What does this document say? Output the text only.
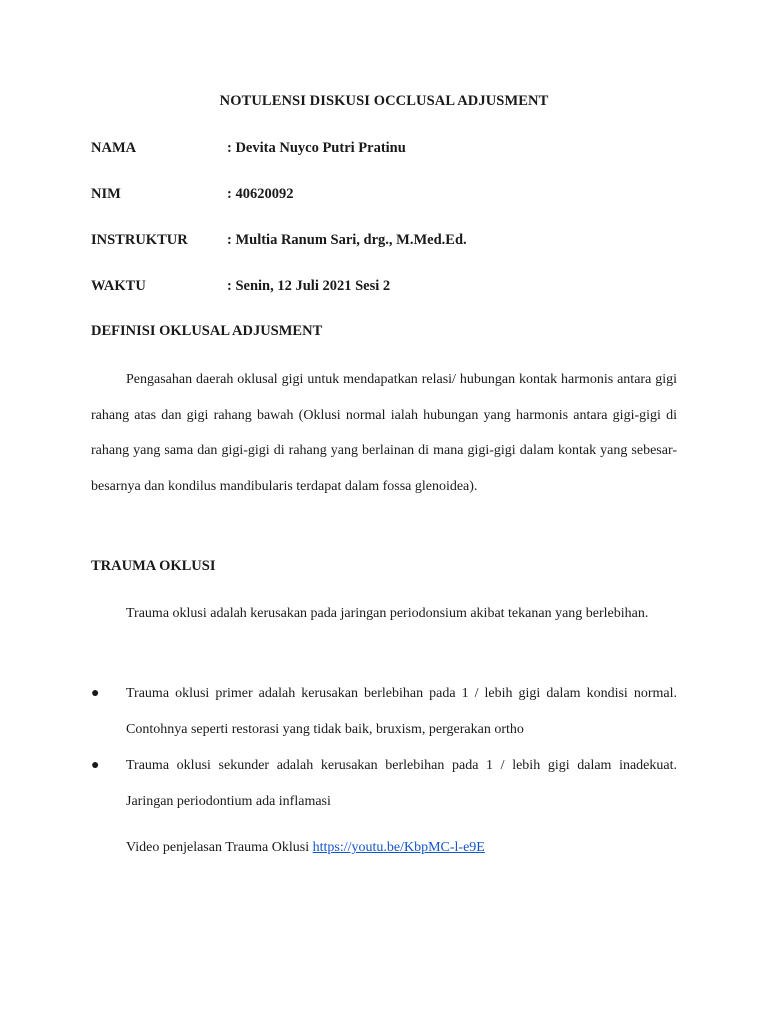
NOTULENSI DISKUSI OCCLUSAL ADJUSMENT
NAMA	: Devita Nuyco Putri Pratinu
NIM	: 40620092
INSTRUKTUR	: Multia Ranum Sari, drg., M.Med.Ed.
WAKTU	: Senin, 12 Juli 2021 Sesi 2
DEFINISI OKLUSAL ADJUSMENT
Pengasahan daerah oklusal gigi untuk mendapatkan relasi/ hubungan kontak harmonis antara gigi rahang atas dan gigi rahang bawah (Oklusi normal ialah hubungan yang harmonis antara gigi-gigi di rahang yang sama dan gigi-gigi di rahang yang berlainan di mana gigi-gigi dalam kontak yang sebesar-besarnya dan kondilus mandibularis terdapat dalam fossa glenoidea).
TRAUMA OKLUSI
Trauma oklusi adalah kerusakan pada jaringan periodonsium akibat tekanan yang berlebihan.
●	Trauma oklusi primer adalah kerusakan berlebihan pada 1 / lebih gigi dalam kondisi normal. Contohnya seperti restorasi yang tidak baik, bruxism, pergerakan ortho
●	Trauma oklusi sekunder adalah kerusakan berlebihan pada 1 / lebih gigi dalam inadekuat. Jaringan periodontium ada inflamasi
Video penjelasan Trauma Oklusi https://youtu.be/KbpMC-l-e9E
